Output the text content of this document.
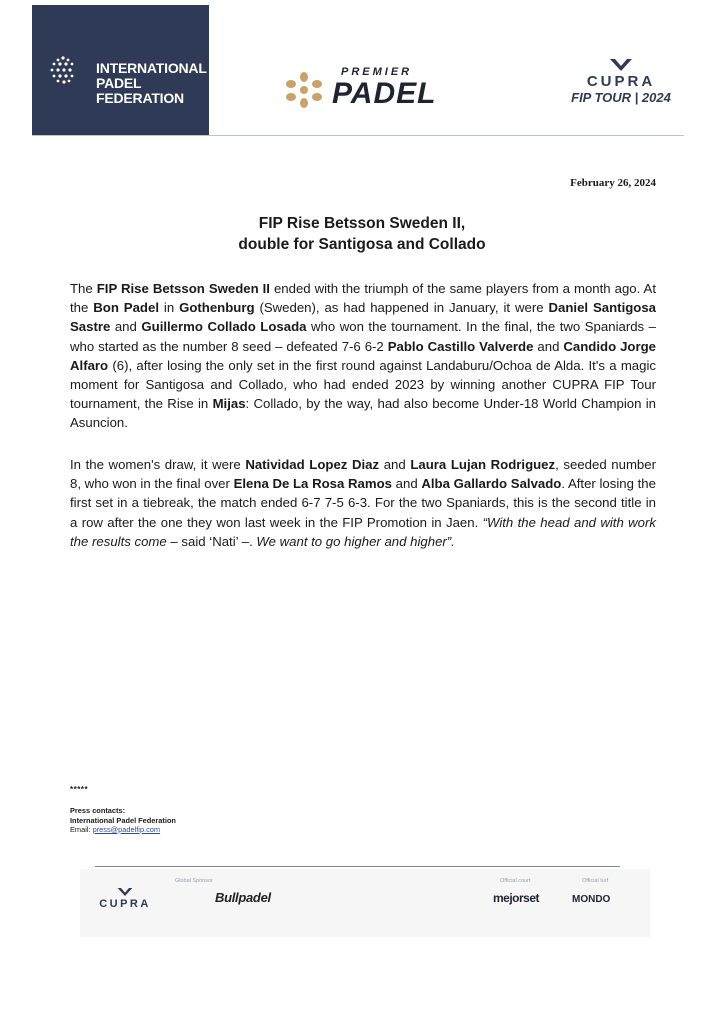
INTERNATIONAL
PADEL
FEDERATION
PREMIER
PADEL	CUPRA
FIP TOUR | 2024
February 26, 2024
FIP Rise Betsson Sweden II,
double for Santigosa and Collado
The FIP Rise Betsson Sweden II ended with the triumph of the same players from a month ago. At the Bon Padel in Gothenburg (Sweden), as had happened in January, it were Daniel Santigosa Sastre and Guillermo Collado Losada who won the tournament. In the final, the two Spaniards – who started as the number 8 seed – defeated 7-6 6-2 Pablo Castillo Valverde and Candido Jorge Alfaro (6), after losing the only set in the first round against Landaburu/Ochoa de Alda. It's a magic moment for Santigosa and Collado, who had ended 2023 by winning another CUPRA FIP Tour tournament, the Rise in Mijas: Collado, by the way, had also become Under-18 World Champion in Asuncion.
In the women's draw, it were Natividad Lopez Diaz and Laura Lujan Rodriguez, seeded number 8, who won in the final over Elena De La Rosa Ramos and Alba Gallardo Salvado. After losing the first set in a tiebreak, the match ended 6-7 7-5 6-3. For the two Spaniards, this is the second title in a row after the one they won last week in the FIP Promotion in Jaen. “With the head and with work the results come – said ‘Nati’ –. We want to go higher and higher”.
*****
Press contacts:
International Padel Federation
Email: press@padelfip.com
CUPRA
Global Sponsor
Bullpadel
Official court
mejorset
Official turf
MONDO
